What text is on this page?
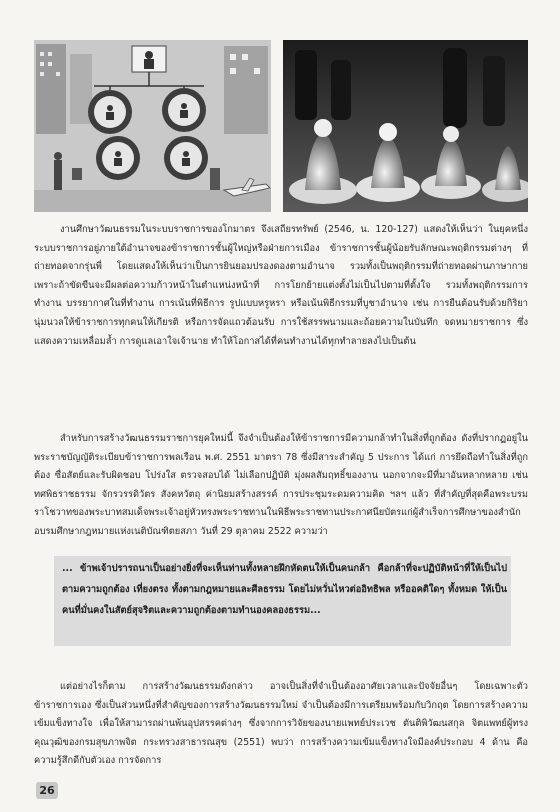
งานศึกษาวัฒนธรรมในระบบราชการของโกมาตร จึงเสถียรทรัพย์ (2546, น. 120-127) แสดงให้เห็นว่า ในยุคหนึ่ง ระบบราชการอยู่ภายใต้อำนาจของข้าราชการชั้นผู้ใหญ่หรือฝ่ายการเมือง ข้าราชการชั้นผู้น้อยรับลักษณะพฤติกรรมต่างๆ ที่ถ่ายทอดจากรุ่นพี่ โดยแสดงให้เห็นว่าเป็นการยินยอมปรองดองตามอำนาจ รวมทั้งเป็นพฤติกรรมที่ถ่ายทอดผ่านภาษากาย เพราะถ้าขัดขืนจะมีผลต่อความก้าวหน้าในตำแหน่งหน้าที่ การโยกย้ายแต่งตั้งไม่เป็นไปตามที่ตั้งใจ รวมทั้งพฤติกรรมการทำงาน บรรยากาศในที่ทำงาน การเน้นที่พิธีการ รูปแบบหรูหรา หรือเน้นพิธีกรรมที่บูชาอำนาจ เช่น การยืนต้อนรับด้วยกิริยานุ่มนวลให้ข้าราชการทุกคนให้เกียรติ หรือการจัดแถวต้อนรับ การใช้สรรพนามและถ้อยความในบันทึก จดหมายราชการ ซึ่งแสดงความเหลื่อมล้ำ การดูแลเอาใจเจ้านาย ทำให้โอกาสได้ที่คนทำงานได้ทุกทำลายลงไปเป็นต้น

สำหรับการสร้างวัฒนธรรมราชการยุคใหม่นี้ จึงจำเป็นต้องให้ข้าราชการมีความกล้าทำในสิ่งที่ถูกต้อง ดังที่ปรากฏอยู่ในพระราชบัญญัติระเบียบข้าราชการพลเรือน พ.ศ. 2551 มาตรา 78 ซึ่งมีสาระสำคัญ 5 ประการ ได้แก่ การยึดถือทำในสิ่งที่ถูกต้อง ซื่อสัตย์และรับผิดชอบ โปร่งใส ตรวจสอบได้ ไม่เลือกปฏิบัติ มุ่งผลสัมฤทธิ์ของงาน นอกจากจะมีที่มาอันหลากหลาย เช่น ทศพิธราชธรรม จักรวรรดิวัตร สังคหวัตถุ ค่านิยมสร้างสรรค์ การประชุมระดมความคิด ฯลฯ แล้ว ที่สำคัญที่สุดคือพระบรมราโชวาทของพระบาทสมเด็จพระเจ้าอยู่หัวทรงพระราชทานในพิธีพระราชทานประกาศนียบัตรแก่ผู้สำเร็จการศึกษาของสำนักอบรมศึกษากฎหมายแห่งเนติบัณฑิตยสภา วันที่ 29 ตุลาคม 2522 ความว่า

... ข้าพเจ้าปรารถนาเป็นอย่างยิ่งที่จะเห็นท่านทั้งหลายฝึกหัดตนให้เป็นคนกล้า คือกล้าที่จะปฏิบัติหน้าที่ให้เป็นไปตามความถูกต้อง เที่ยงตรง ทั้งตามกฎหมายและศีลธรรม โดยไม่หวั่นไหวต่ออิทธิพล หรืออคติใดๆ ทั้งหมด ให้เป็นคนที่มั่นคงในสัตย์สุจริตและความถูกต้องตามทำนองคลองธรรม...

แต่อย่างไรก็ตาม การสร้างวัฒนธรรมดังกล่าว อาจเป็นสิ่งที่จำเป็นต้องอาศัยเวลาและปัจจัยอื่นๆ โดยเฉพาะตัวข้าราชการเอง ซึ่งเป็นส่วนหนึ่งที่สำคัญของการสร้างวัฒนธรรมใหม่ จำเป็นต้องมีการเตรียมพร้อมกับวิกฤต โดยการสร้างความเข้มแข็งทางใจ เพื่อให้สามารถผ่านพ้นอุปสรรคต่างๆ ซึ่งจากการวิจัยของนายแพทย์ประเวช ตันติพิวัฒนสกุล จิตแพทย์ผู้ทรงคุณวุฒิของกรมสุขภาพจิต กระทรวงสาธารณสุข (2551) พบว่า การสร้างความเข้มแข็งทางใจมีองค์ประกอบ 4 ด้าน คือ ความรู้สึกดีกับตัวเอง การจัดการ

26
